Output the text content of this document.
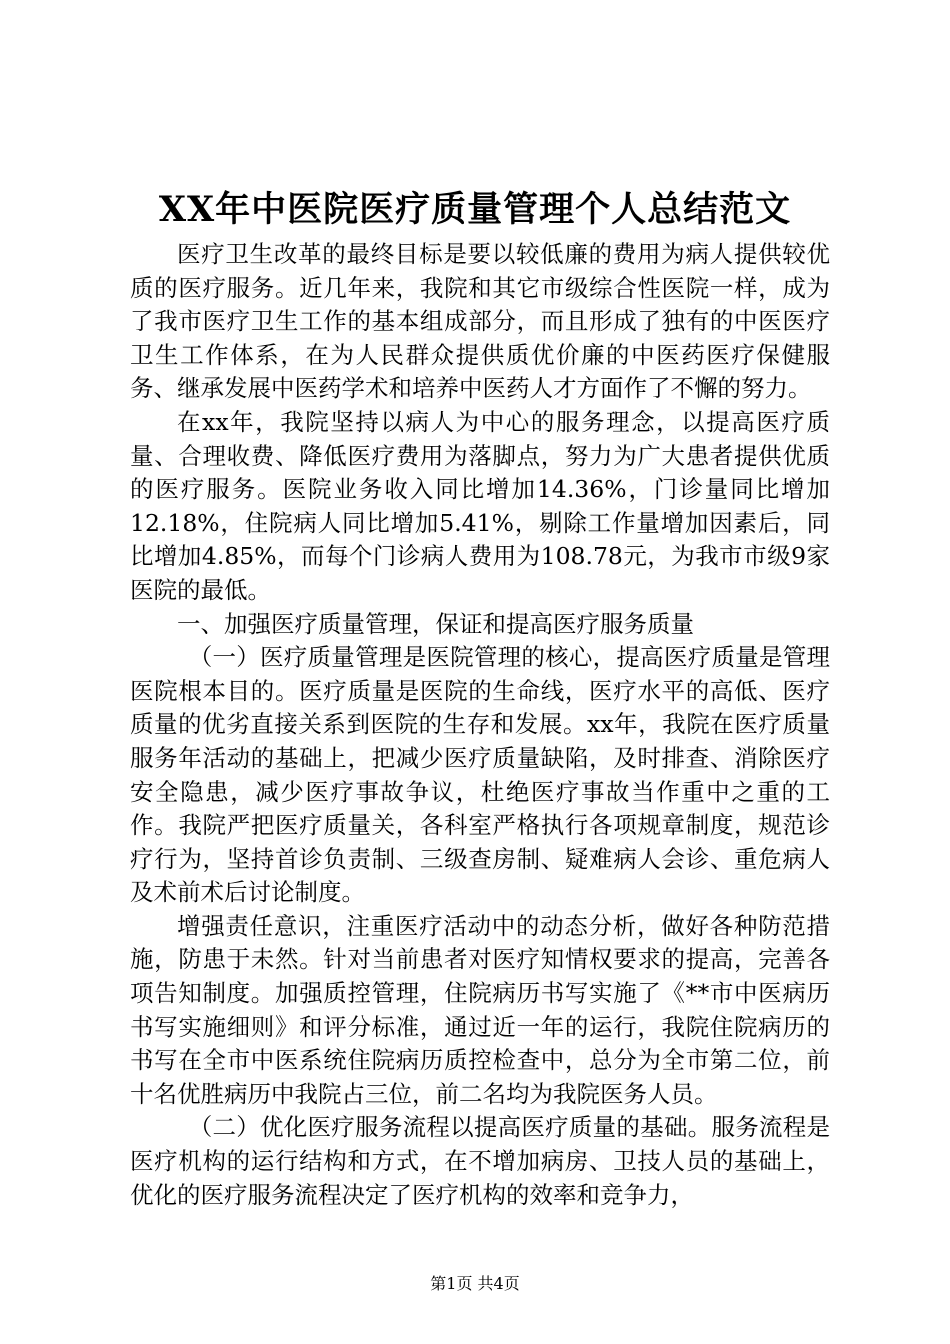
XX年中医院医疗质量管理个人总结范文

医疗卫生改革的最终目标是要以较低廉的费用为病人提供较优质的医疗服务。近几年来，我院和其它市级综合性医院一样，成为了我市医疗卫生工作的基本组成部分，而且形成了独有的中医医疗卫生工作体系，在为人民群众提供质优价廉的中医药医疗保健服务、继承发展中医药学术和培养中医药人才方面作了不懈的努力。

在xx年，我院坚持以病人为中心的服务理念，以提高医疗质量、合理收费、降低医疗费用为落脚点，努力为广大患者提供优质的医疗服务。医院业务收入同比增加14.36%，门诊量同比增加12.18%，住院病人同比增加5.41%，剔除工作量增加因素后，同比增加4.85%，而每个门诊病人费用为108.78元，为我市市级9家医院的最低。

一、加强医疗质量管理，保证和提高医疗服务质量

（一）医疗质量管理是医院管理的核心，提高医疗质量是管理医院根本目的。医疗质量是医院的生命线，医疗水平的高低、医疗质量的优劣直接关系到医院的生存和发展。xx年，我院在医疗质量服务年活动的基础上，把减少医疗质量缺陷，及时排查、消除医疗安全隐患，减少医疗事故争议，杜绝医疗事故当作重中之重的工作。我院严把医疗质量关，各科室严格执行各项规章制度，规范诊疗行为，坚持首诊负责制、三级查房制、疑难病人会诊、重危病人及术前术后讨论制度。

增强责任意识，注重医疗活动中的动态分析，做好各种防范措施，防患于未然。针对当前患者对医疗知情权要求的提高，完善各项告知制度。加强质控管理，住院病历书写实施了《**市中医病历书写实施细则》和评分标准，通过近一年的运行，我院住院病历的书写在全市中医系统住院病历质控检查中，总分为全市第二位，前十名优胜病历中我院占三位，前二名均为我院医务人员。

（二）优化医疗服务流程以提高医疗质量的基础。服务流程是医疗机构的运行结构和方式，在不增加病房、卫技人员的基础上，优化的医疗服务流程决定了医疗机构的效率和竞争力，

第1页 共4页
